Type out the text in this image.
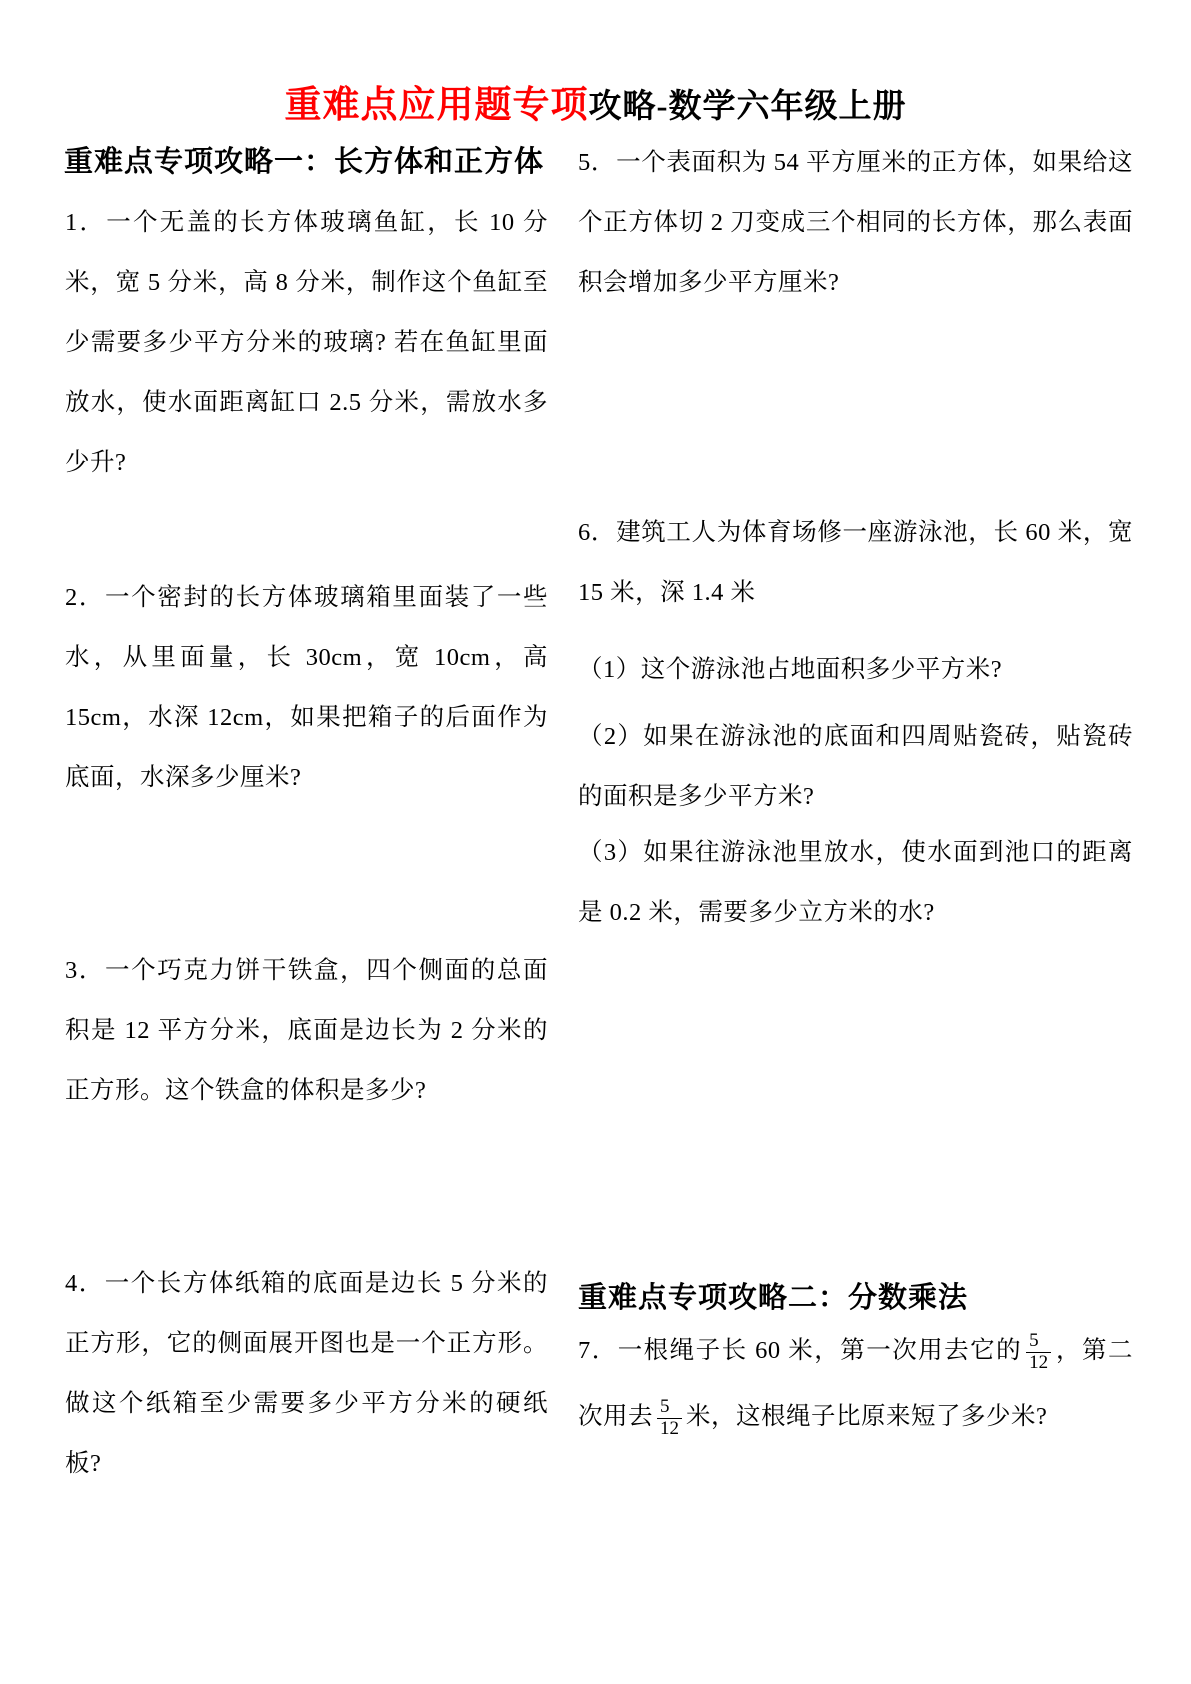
重难点应用题专项攻略-数学六年级上册
重难点专项攻略一：长方体和正方体

1．一个无盖的长方体玻璃鱼缸，长 10 分米，宽 5 分米，高 8 分米，制作这个鱼缸至少需要多少平方分米的玻璃? 若在鱼缸里面放水，使水面距离缸口 2.5 分米，需放水多少升?

2．一个密封的长方体玻璃箱里面装了一些水，从里面量，长 30cm，宽 10cm，高 15cm，水深 12cm，如果把箱子的后面作为底面，水深多少厘米?

3．一个巧克力饼干铁盒，四个侧面的总面积是 12 平方分米，底面是边长为 2 分米的正方形。这个铁盒的体积是多少?

4．一个长方体纸箱的底面是边长 5 分米的正方形，它的侧面展开图也是一个正方形。做这个纸箱至少需要多少平方分米的硬纸板?

5．一个表面积为 54 平方厘米的正方体，如果给这个正方体切 2 刀变成三个相同的长方体，那么表面积会增加多少平方厘米?

6．建筑工人为体育场修一座游泳池，长 60 米，宽 15 米，深 1.4 米

（1）这个游泳池占地面积多少平方米?

（2）如果在游泳池的底面和四周贴瓷砖，贴瓷砖的面积是多少平方米?

（3）如果往游泳池里放水，使水面到池口的距离是 0.2 米，需要多少立方米的水?

重难点专项攻略二：分数乘法

7．一根绳子长 60 米，第一次用去它的 $\frac{5}{12}$ ，第二次用去 $\frac{5}{12}$ 米，这根绳子比原来短了多少米?
